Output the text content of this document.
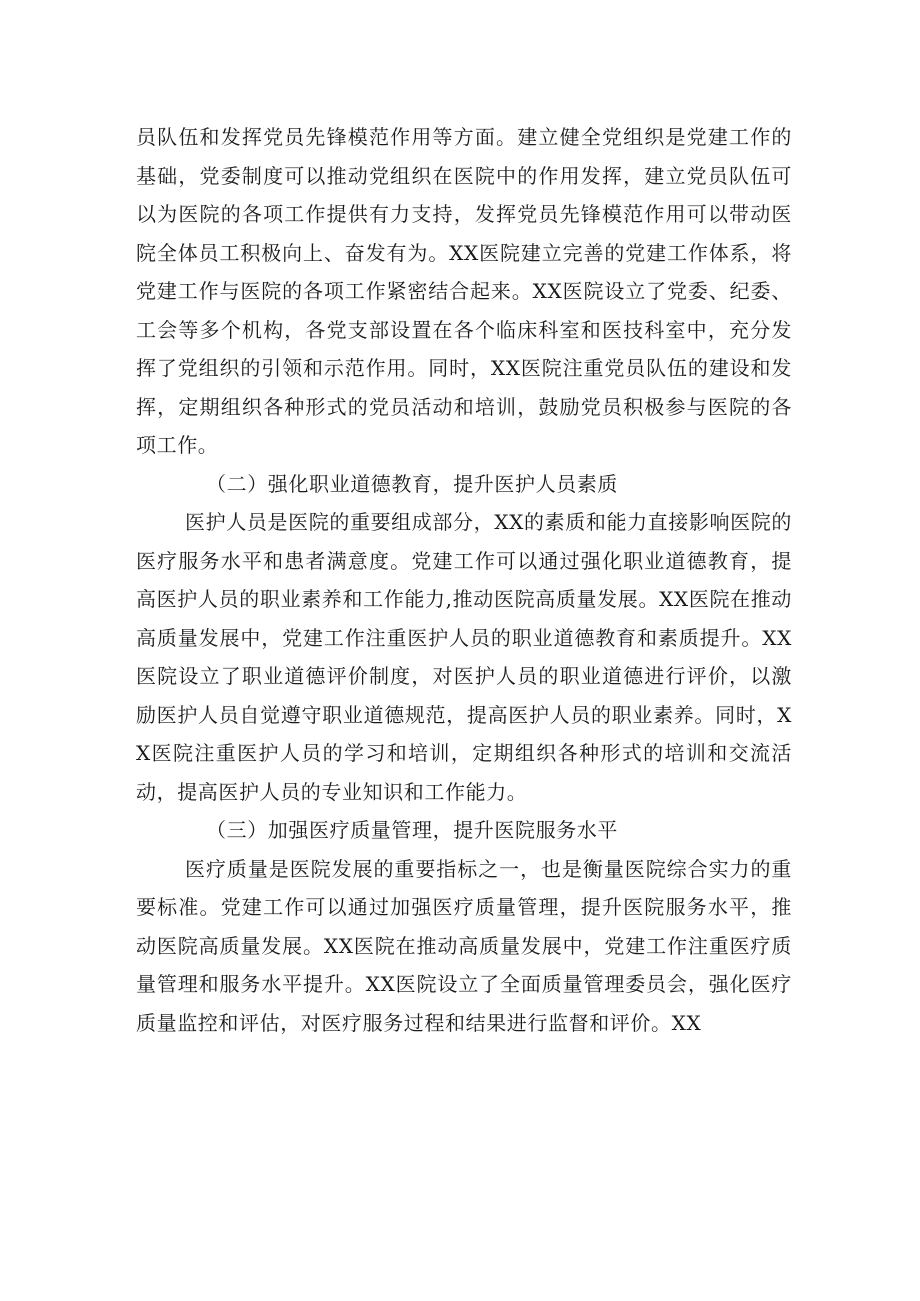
员队伍和发挥党员先锋模范作用等方面。建立健全党组织是党建工作的基础，党委制度可以推动党组织在医院中的作用发挥，建立党员队伍可以为医院的各项工作提供有力支持，发挥党员先锋模范作用可以带动医院全体员工积极向上、奋发有为。XX医院建立完善的党建工作体系，将党建工作与医院的各项工作紧密结合起来。XX医院设立了党委、纪委、工会等多个机构，各党支部设置在各个临床科室和医技科室中，充分发挥了党组织的引领和示范作用。同时，XX医院注重党员队伍的建设和发挥，定期组织各种形式的党员活动和培训，鼓励党员积极参与医院的各项工作。

（二）强化职业道德教育，提升医护人员素质

医护人员是医院的重要组成部分，XX的素质和能力直接影响医院的医疗服务水平和患者满意度。党建工作可以通过强化职业道德教育，提高医护人员的职业素养和工作能力,推动医院高质量发展。XX医院在推动高质量发展中，党建工作注重医护人员的职业道德教育和素质提升。XX医院设立了职业道德评价制度，对医护人员的职业道德进行评价，以激励医护人员自觉遵守职业道德规范，提高医护人员的职业素养。同时，XX医院注重医护人员的学习和培训，定期组织各种形式的培训和交流活动，提高医护人员的专业知识和工作能力。

（三）加强医疗质量管理，提升医院服务水平

医疗质量是医院发展的重要指标之一，也是衡量医院综合实力的重要标准。党建工作可以通过加强医疗质量管理，提升医院服务水平，推动医院高质量发展。XX医院在推动高质量发展中，党建工作注重医疗质量管理和服务水平提升。XX医院设立了全面质量管理委员会，强化医疗质量监控和评估，对医疗服务过程和结果进行监督和评价。XX
